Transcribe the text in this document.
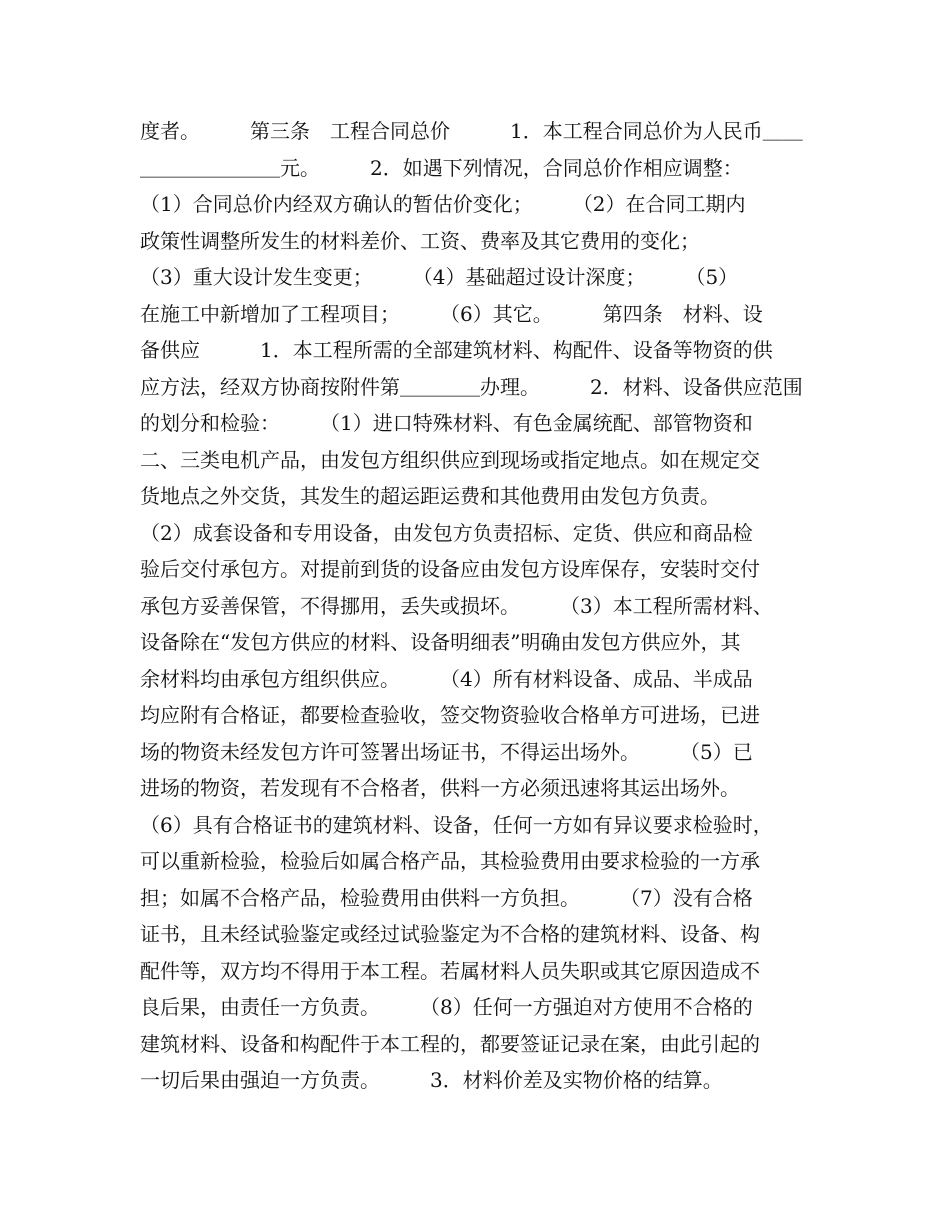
度者。　　　第三条　工程合同总价　　　1．本工程合同总价为人民币＿＿
＿＿＿＿＿＿＿元。　　　2．如遇下列情况，合同总价作相应调整：
（1）合同总价内经双方确认的暂估价变化；　　　（2）在合同工期内
政策性调整所发生的材料差价、工资、费率及其它费用的变化；
（3）重大设计发生变更；　　　（4）基础超过设计深度；　　　（5）
在施工中新增加了工程项目；　　　（6）其它。　　　第四条　材料、设
备供应　　　1．本工程所需的全部建筑材料、构配件、设备等物资的供
应方法，经双方协商按附件第＿＿＿＿办理。　　　2．材料、设备供应范围
的划分和检验：　　　（1）进口特殊材料、有色金属统配、部管物资和
二、三类电机产品，由发包方组织供应到现场或指定地点。如在规定交
货地点之外交货，其发生的超运距运费和其他费用由发包方负责。
（2）成套设备和专用设备，由发包方负责招标、定货、供应和商品检
验后交付承包方。对提前到货的设备应由发包方设库保存，安装时交付
承包方妥善保管，不得挪用，丢失或损坏。　　　（3）本工程所需材料、
设备除在“发包方供应的材料、设备明细表”明确由发包方供应外，其
余材料均由承包方组织供应。　　　（4）所有材料设备、成品、半成品
均应附有合格证，都要检查验收，签交物资验收合格单方可进场，已进
场的物资未经发包方许可签署出场证书，不得运出场外。　　　（5）已
进场的物资，若发现有不合格者，供料一方必须迅速将其运出场外。
（6）具有合格证书的建筑材料、设备，任何一方如有异议要求检验时，
可以重新检验，检验后如属合格产品，其检验费用由要求检验的一方承
担；如属不合格产品，检验费用由供料一方负担。　　　（7）没有合格
证书，且未经试验鉴定或经过试验鉴定为不合格的建筑材料、设备、构
配件等，双方均不得用于本工程。若属材料人员失职或其它原因造成不
良后果，由责任一方负责。　　　（8）任何一方强迫对方使用不合格的
建筑材料、设备和构配件于本工程的，都要签证记录在案，由此引起的
一切后果由强迫一方负责。　　　3．材料价差及实物价格的结算。
